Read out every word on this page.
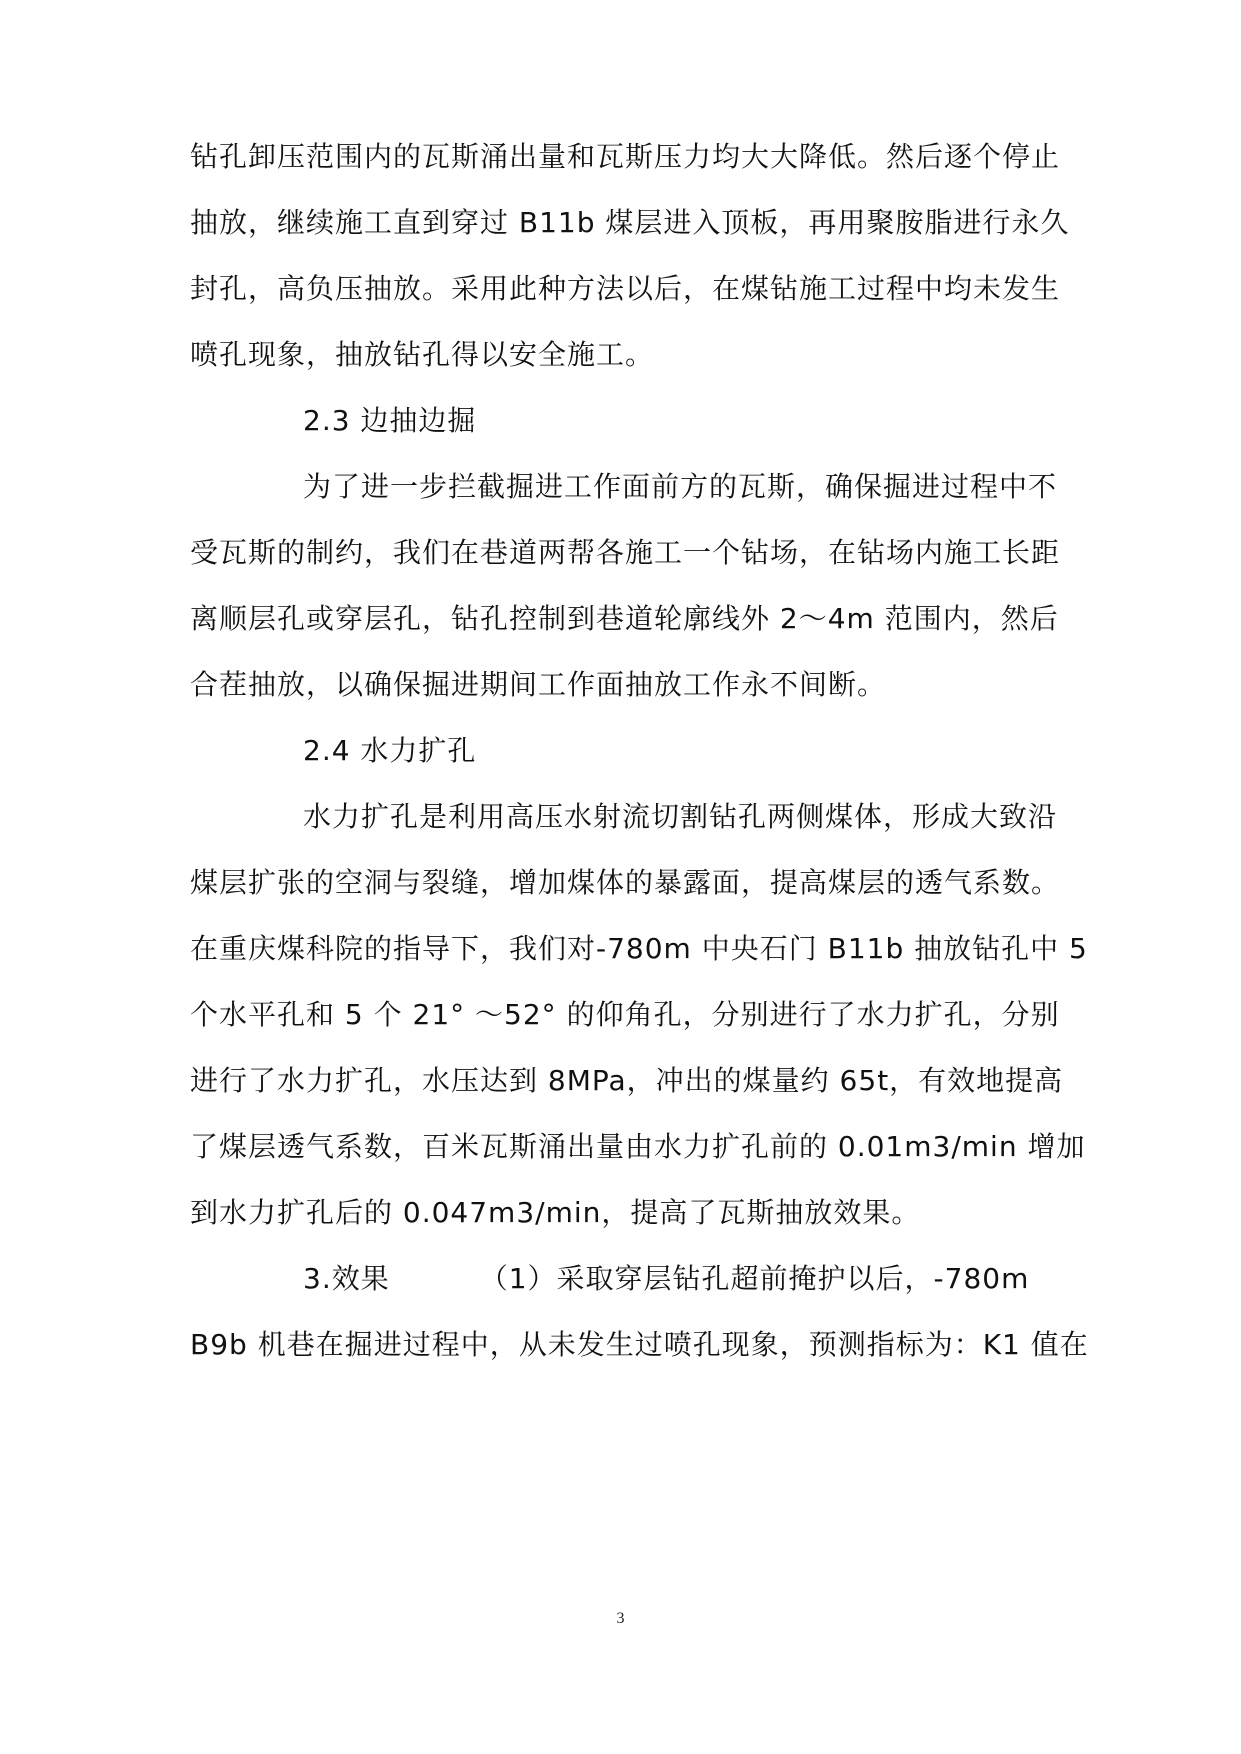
钻孔卸压范围内的瓦斯涌出量和瓦斯压力均大大降低。然后逐个停止
抽放，继续施工直到穿过 B11b 煤层进入顶板，再用聚胺脂进行永久
封孔，高负压抽放。采用此种方法以后，在煤钻施工过程中均未发生
喷孔现象，抽放钻孔得以安全施工。
2.3 边抽边掘
为了进一步拦截掘进工作面前方的瓦斯，确保掘进过程中不
受瓦斯的制约，我们在巷道两帮各施工一个钻场，在钻场内施工长距
离顺层孔或穿层孔，钻孔控制到巷道轮廓线外 2～4m 范围内，然后
合茬抽放，以确保掘进期间工作面抽放工作永不间断。
2.4 水力扩孔
水力扩孔是利用高压水射流切割钻孔两侧煤体，形成大致沿
煤层扩张的空洞与裂缝，增加煤体的暴露面，提高煤层的透气系数。
在重庆煤科院的指导下，我们对-780m 中央石门 B11b 抽放钻孔中 5
个水平孔和 5 个 21° ～52° 的仰角孔，分别进行了水力扩孔，分别
进行了水力扩孔，水压达到 8MPa，冲出的煤量约 65t，有效地提高
了煤层透气系数，百米瓦斯涌出量由水力扩孔前的 0.01m3/min 增加
到水力扩孔后的 0.047m3/min，提高了瓦斯抽放效果。
3.效果	（1）采取穿层钻孔超前掩护以后，-780m
B9b 机巷在掘进过程中，从未发生过喷孔现象，预测指标为：K1 值在
3
